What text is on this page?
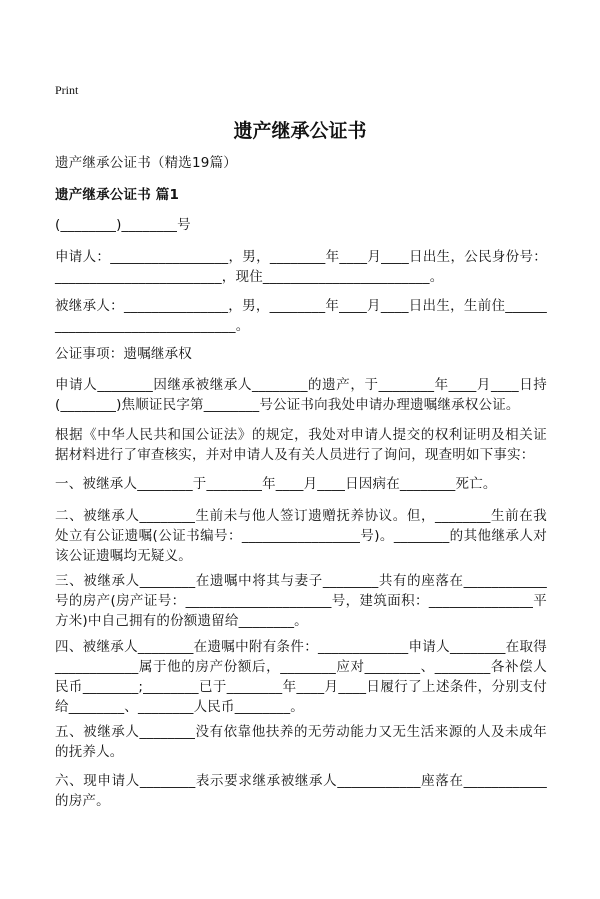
Print
遗产继承公证书
遗产继承公证书（精选19篇）
遗产继承公证书 篇1
(________)________号
申请人：_________________，男，________年____月____日出生，公民身份号：________________________，现住________________________。
被继承人：_______________，男，________年____月____日出生，生前住________________________________。
公证事项：遗嘱继承权
申请人________因继承被继承人________的遗产，于________年____月____日持(________)焦顺证民字第________号公证书向我处申请办理遗嘱继承权公证。
根据《中华人民共和国公证法》的规定，我处对申请人提交的权利证明及相关证据材料进行了审查核实，并对申请人及有关人员进行了询问，现查明如下事实：
一、被继承人________于________年____月____日因病在________死亡。
二、被继承人________生前未与他人签订遗赠抚养协议。但，________生前在我处立有公证遗嘱(公证书编号：_________________号)。________的其他继承人对该公证遗嘱均无疑义。
三、被继承人________在遗嘱中将其与妻子________共有的座落在____________号的房产(房产证号：_____________________号，建筑面积：_______________平方米)中自己拥有的份额遗留给________。
四、被继承人________在遗嘱中附有条件：_____________申请人________在取得____________属于他的房产份额后，________应对________、________各补偿人民币________;________已于________年____月____日履行了上述条件，分别支付给________、________人民币________。
五、被继承人________没有依靠他扶养的无劳动能力又无生活来源的人及未成年的抚养人。
六、现申请人________表示要求继承被继承人____________座落在____________的房产。
